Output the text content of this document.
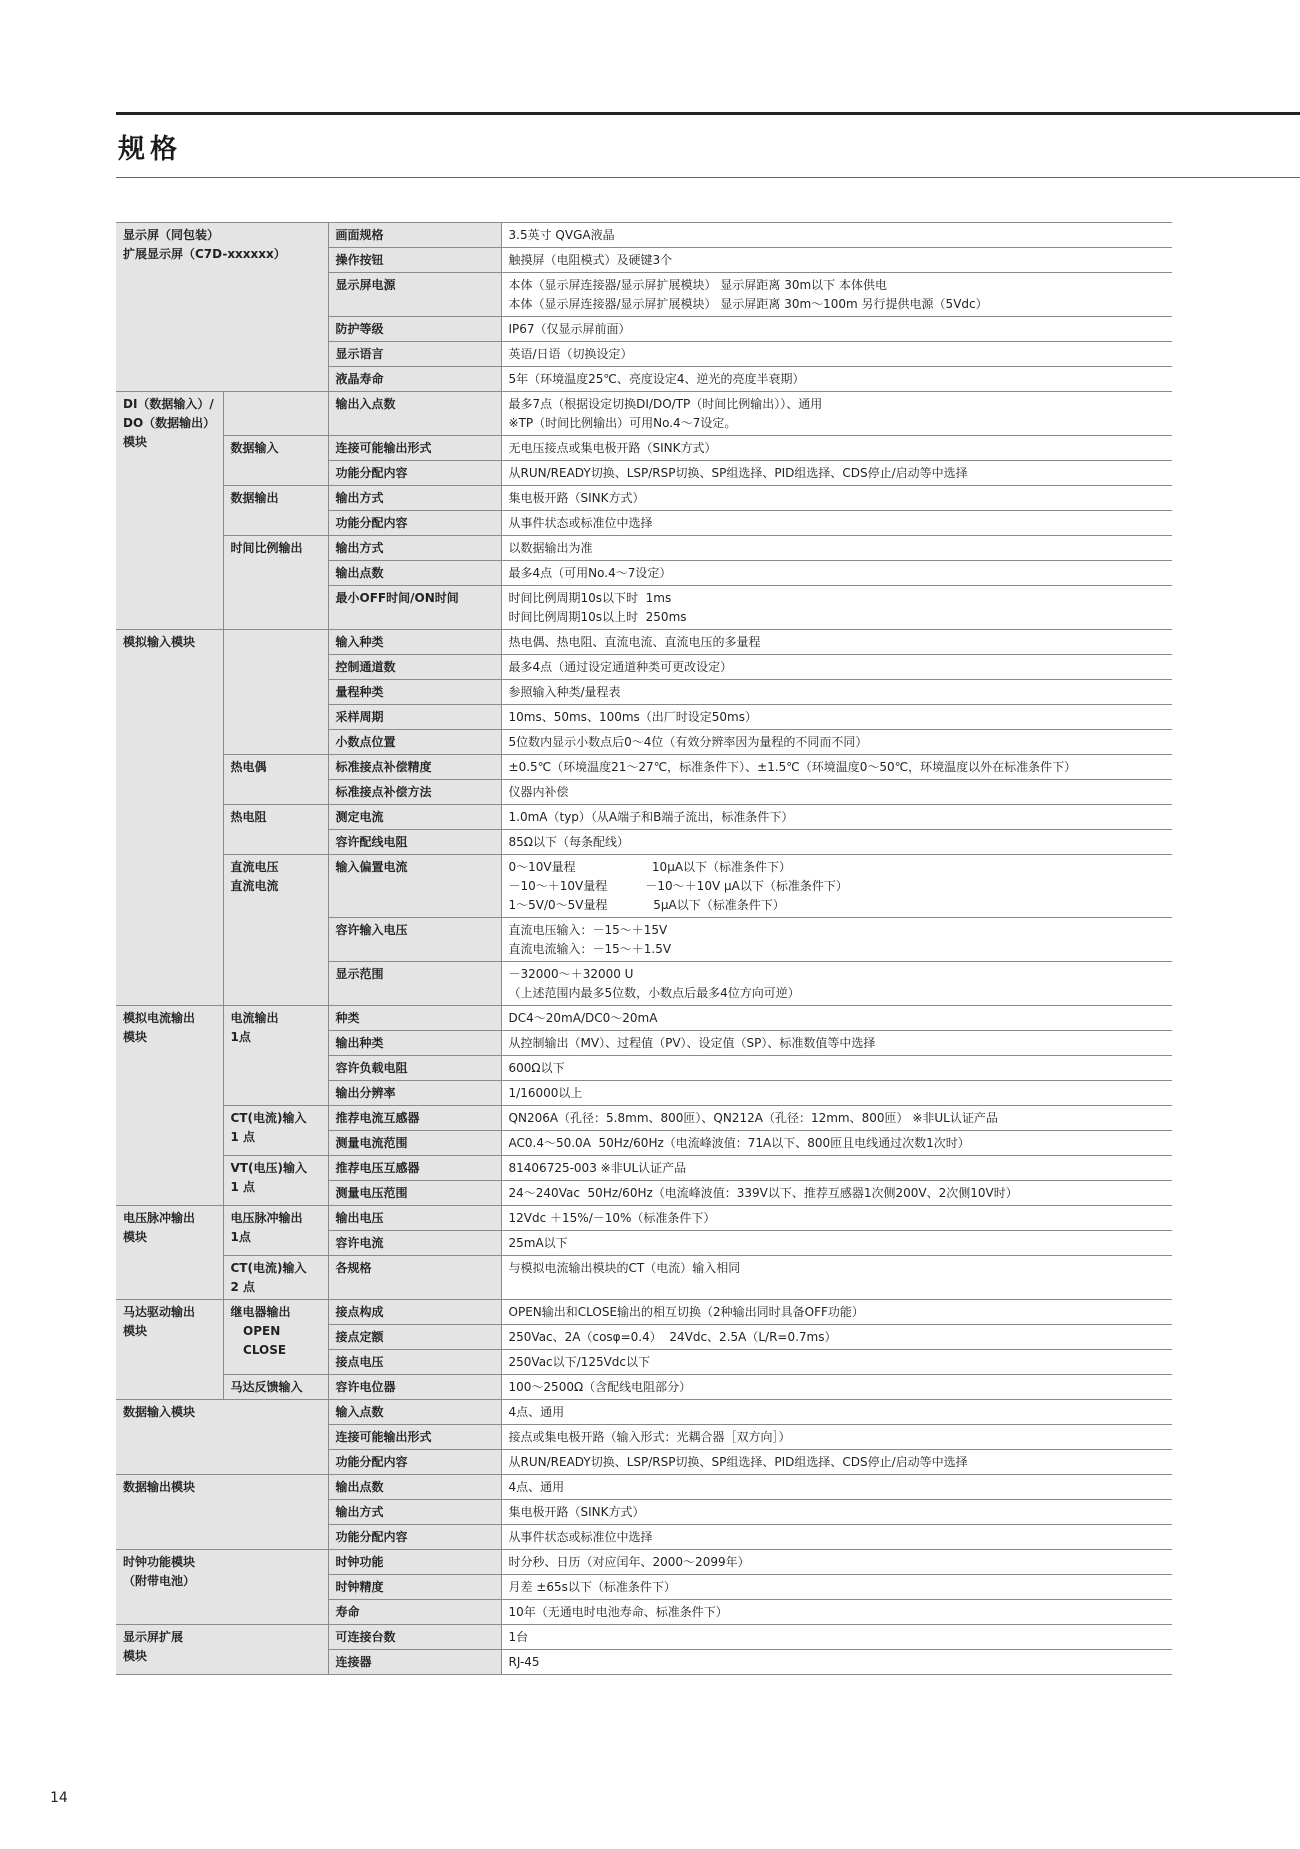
规格
显示屏（同包装）
扩展显示屏（C7D-xxxxxx）		画面规格	3.5英寸 QVGA液晶
		操作按钮	触摸屏（电阻模式）及硬键3个
		显示屏电源	本体（显示屏连接器/显示屏扩展模块） 显示屏距离 30m以下 本体供电
本体（显示屏连接器/显示屏扩展模块） 显示屏距离 30m～100m 另行提供电源（5Vdc）
		防护等级	IP67（仅显示屏前面）
		显示语言	英语/日语（切换设定）
		液晶寿命	5年（环境温度25℃、亮度设定4、逆光的亮度半衰期）
DI（数据输入）/
DO（数据输出）
模块		输出入点数	最多7点（根据设定切换DI/DO/TP（时间比例输出））、通用
※TP（时间比例输出）可用No.4～7设定。
	数据输入	连接可能输出形式	无电压接点或集电极开路（SINK方式）
		功能分配内容	从RUN/READY切换、LSP/RSP切换、SP组选择、PID组选择、CDS停止/启动等中选择
	数据输出	输出方式	集电极开路（SINK方式）
		功能分配内容	从事件状态或标准位中选择
	时间比例输出	输出方式	以数据输出为准
		输出点数	最多4点（可用No.4～7设定）
		最小OFF时间/ON时间	时间比例周期10s以下时  1ms
时间比例周期10s以上时  250ms
模拟输入模块		输入种类	热电偶、热电阻、直流电流、直流电压的多量程
		控制通道数	最多4点（通过设定通道种类可更改设定）
		量程种类	参照输入种类/量程表
		采样周期	10ms、50ms、100ms（出厂时设定50ms）
		小数点位置	5位数内显示小数点后0～4位（有效分辨率因为量程的不同而不同）
	热电偶	标准接点补偿精度	±0.5℃（环境温度21～27℃，标准条件下）、±1.5℃（环境温度0～50℃，环境温度以外在标准条件下）
		标准接点补偿方法	仪器内补偿
	热电阻	测定电流	1.0mA（typ）（从A端子和B端子流出，标准条件下）
		容许配线电阻	85Ω以下（每条配线）
	直流电压
直流电流	输入偏置电流	0～10V量程                    10μA以下（标准条件下）
－10～＋10V量程          －10～＋10V μA以下（标准条件下）
1～5V/0～5V量程            5μA以下（标准条件下）
		容许输入电压	直流电压输入：－15～＋15V
直流电流输入：－15～＋1.5V
		显示范围	－32000～＋32000 U
（上述范围内最多5位数，小数点后最多4位方向可逆）
模拟电流输出
模块	电流输出
1点	种类	DC4～20mA/DC0～20mA
		输出种类	从控制输出（MV）、过程值（PV）、设定值（SP）、标准数值等中选择
		容许负载电阻	600Ω以下
		输出分辨率	1/16000以上
	CT(电流)输入
1 点	推荐电流互感器	QN206A（孔径：5.8mm、800匝）、QN212A（孔径：12mm、800匝） ※非UL认证产品
		测量电流范围	AC0.4～50.0A  50Hz/60Hz（电流峰波值：71A以下、800匝且电线通过次数1次时）
	VT(电压)输入
1 点	推荐电压互感器	81406725-003 ※非UL认证产品
		测量电压范围	24～240Vac  50Hz/60Hz（电流峰波值：339V以下、推荐互感器1次侧200V、2次侧10V时）
电压脉冲输出
模块	电压脉冲输出
1点	输出电压	12Vdc ＋15%/－10%（标准条件下）
		容许电流	25mA以下
	CT(电流)输入
2 点	各规格	与模拟电流输出模块的CT（电流）输入相同
马达驱动输出
模块	继电器输出
OPEN
CLOSE	接点构成	OPEN输出和CLOSE输出的相互切换（2种输出同时具备OFF功能）
		接点定额	250Vac、2A（cosφ=0.4）  24Vdc、2.5A（L/R=0.7ms）
		接点电压	250Vac以下/125Vdc以下
	马达反馈输入	容许电位器	100～2500Ω（含配线电阻部分）
数据输入模块		输入点数	4点、通用
		连接可能输出形式	接点或集电极开路（输入形式：光耦合器［双方向］）
		功能分配内容	从RUN/READY切换、LSP/RSP切换、SP组选择、PID组选择、CDS停止/启动等中选择
数据输出模块		输出点数	4点、通用
		输出方式	集电极开路（SINK方式）
		功能分配内容	从事件状态或标准位中选择
时钟功能模块
（附带电池）		时钟功能	时分秒、日历（对应闰年、2000～2099年）
		时钟精度	月差 ±65s以下（标准条件下）
		寿命	10年（无通电时电池寿命、标准条件下）
显示屏扩展
模块		可连接台数	1台
		连接器	RJ-45
14
